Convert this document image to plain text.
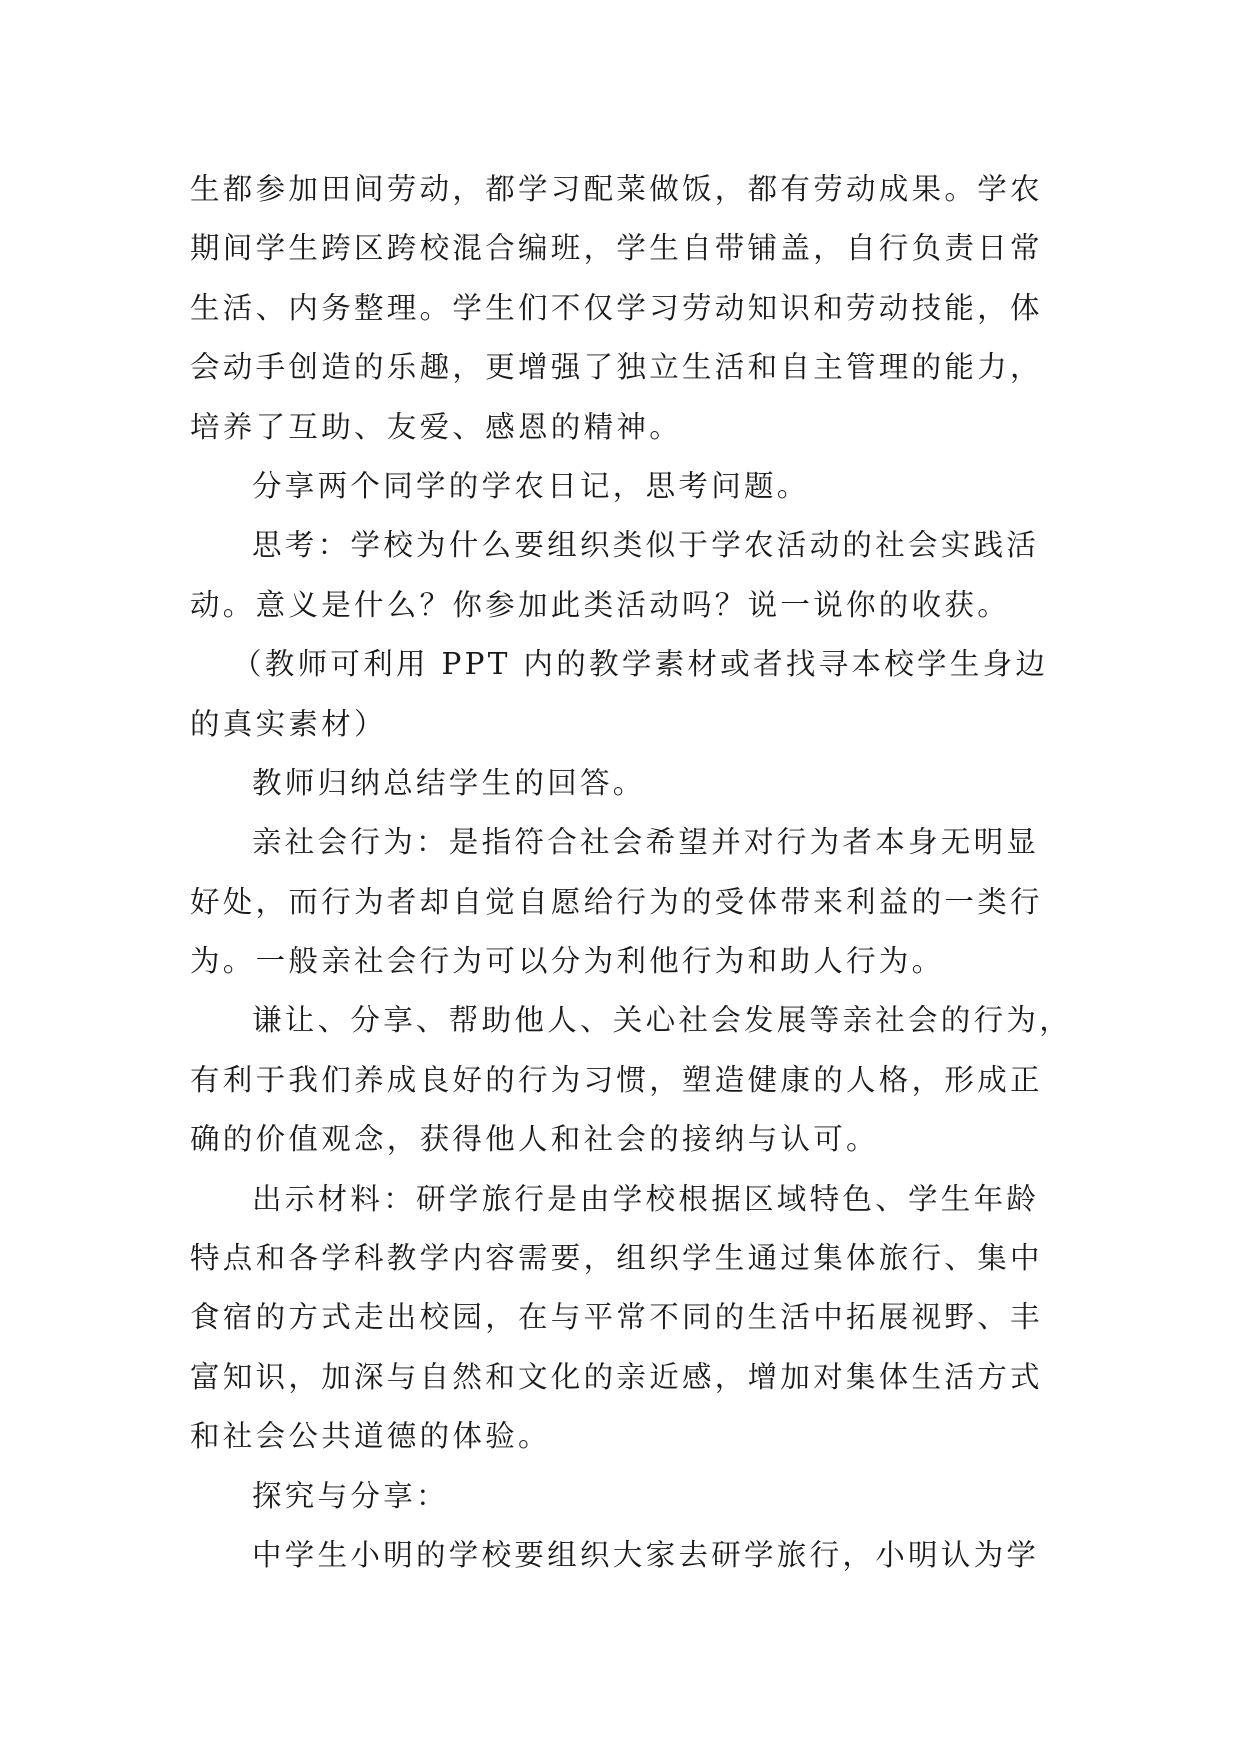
生都参加田间劳动，都学习配菜做饭，都有劳动成果。学农
期间学生跨区跨校混合编班，学生自带铺盖，自行负责日常
生活、内务整理。学生们不仅学习劳动知识和劳动技能，体
会动手创造的乐趣，更增强了独立生活和自主管理的能力，
培养了互助、友爱、感恩的精神。
分享两个同学的学农日记，思考问题。
思考：学校为什么要组织类似于学农活动的社会实践活
动。意义是什么？你参加此类活动吗？说一说你的收获。
（教师可利用 PPT 内的教学素材或者找寻本校学生身边
的真实素材）
教师归纳总结学生的回答。
亲社会行为：是指符合社会希望并对行为者本身无明显
好处，而行为者却自觉自愿给行为的受体带来利益的一类行
为。一般亲社会行为可以分为利他行为和助人行为。
谦让、分享、帮助他人、关心社会发展等亲社会的行为，
有利于我们养成良好的行为习惯，塑造健康的人格，形成正
确的价值观念，获得他人和社会的接纳与认可。
出示材料：研学旅行是由学校根据区域特色、学生年龄
特点和各学科教学内容需要，组织学生通过集体旅行、集中
食宿的方式走出校园，在与平常不同的生活中拓展视野、丰
富知识，加深与自然和文化的亲近感，增加对集体生活方式
和社会公共道德的体验。
探究与分享：
中学生小明的学校要组织大家去研学旅行，小明认为学
